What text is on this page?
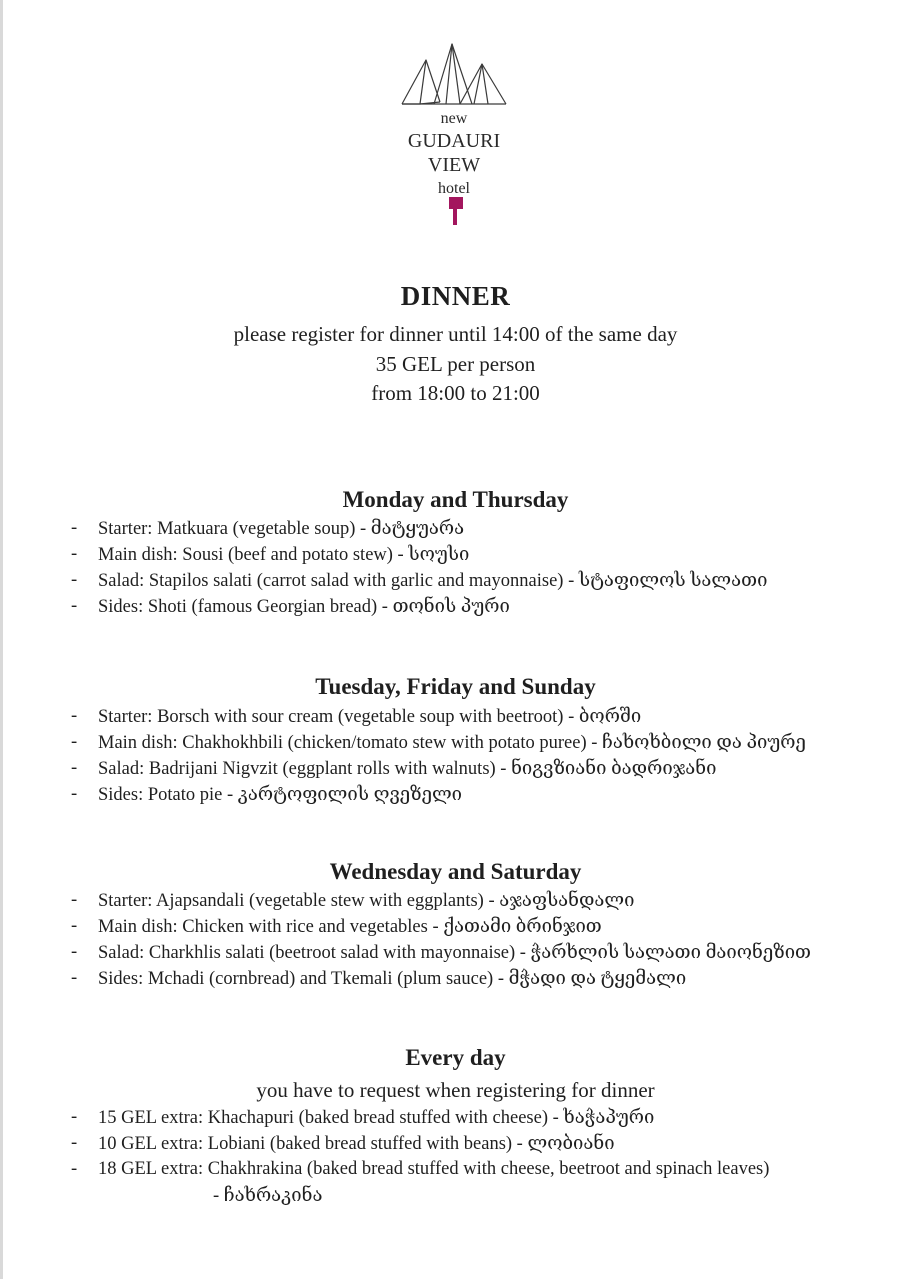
new
GUDAURI
VIEW
hotel
DINNER
please register for dinner until 14:00 of the same day
35 GEL per person
from 18:00 to 21:00
Monday and Thursday
- Starter: Matkuara (vegetable soup) - მატყუარა
- Main dish: Sousi (beef and potato stew) - სოუსი
- Salad: Stapilos salati (carrot salad with garlic and mayonnaise) - სტაფილოს სალათი
- Sides: Shoti (famous Georgian bread) - თონის პური
Tuesday, Friday and Sunday
- Starter: Borsch with sour cream (vegetable soup with beetroot) - ბორში
- Main dish: Chakhokhbili (chicken/tomato stew with potato puree) - ჩახოხბილი და პიურე
- Salad: Badrijani Nigvzit (eggplant rolls with walnuts) - ნიგვზიანი ბადრიჯანი
- Sides: Potato pie - კარტოფილის ღვეზელი
Wednesday and Saturday
- Starter: Ajapsandali (vegetable stew with eggplants) - აჯაფსანდალი
- Main dish: Chicken with rice and vegetables - ქათამი ბრინჯით
- Salad: Charkhlis salati (beetroot salad with mayonnaise) - ჭარხლის სალათი მაიონეზით
- Sides: Mchadi (cornbread) and Tkemali (plum sauce) - მჭადი და ტყემალი
Every day
you have to request when registering for dinner
- 15 GEL extra: Khachapuri (baked bread stuffed with cheese) - ხაჭაპური
- 10 GEL extra: Lobiani (baked bread stuffed with beans) - ლობიანი
- 18 GEL extra: Chakhrakina (baked bread stuffed with cheese, beetroot and spinach leaves)
- ჩახრაკინა
